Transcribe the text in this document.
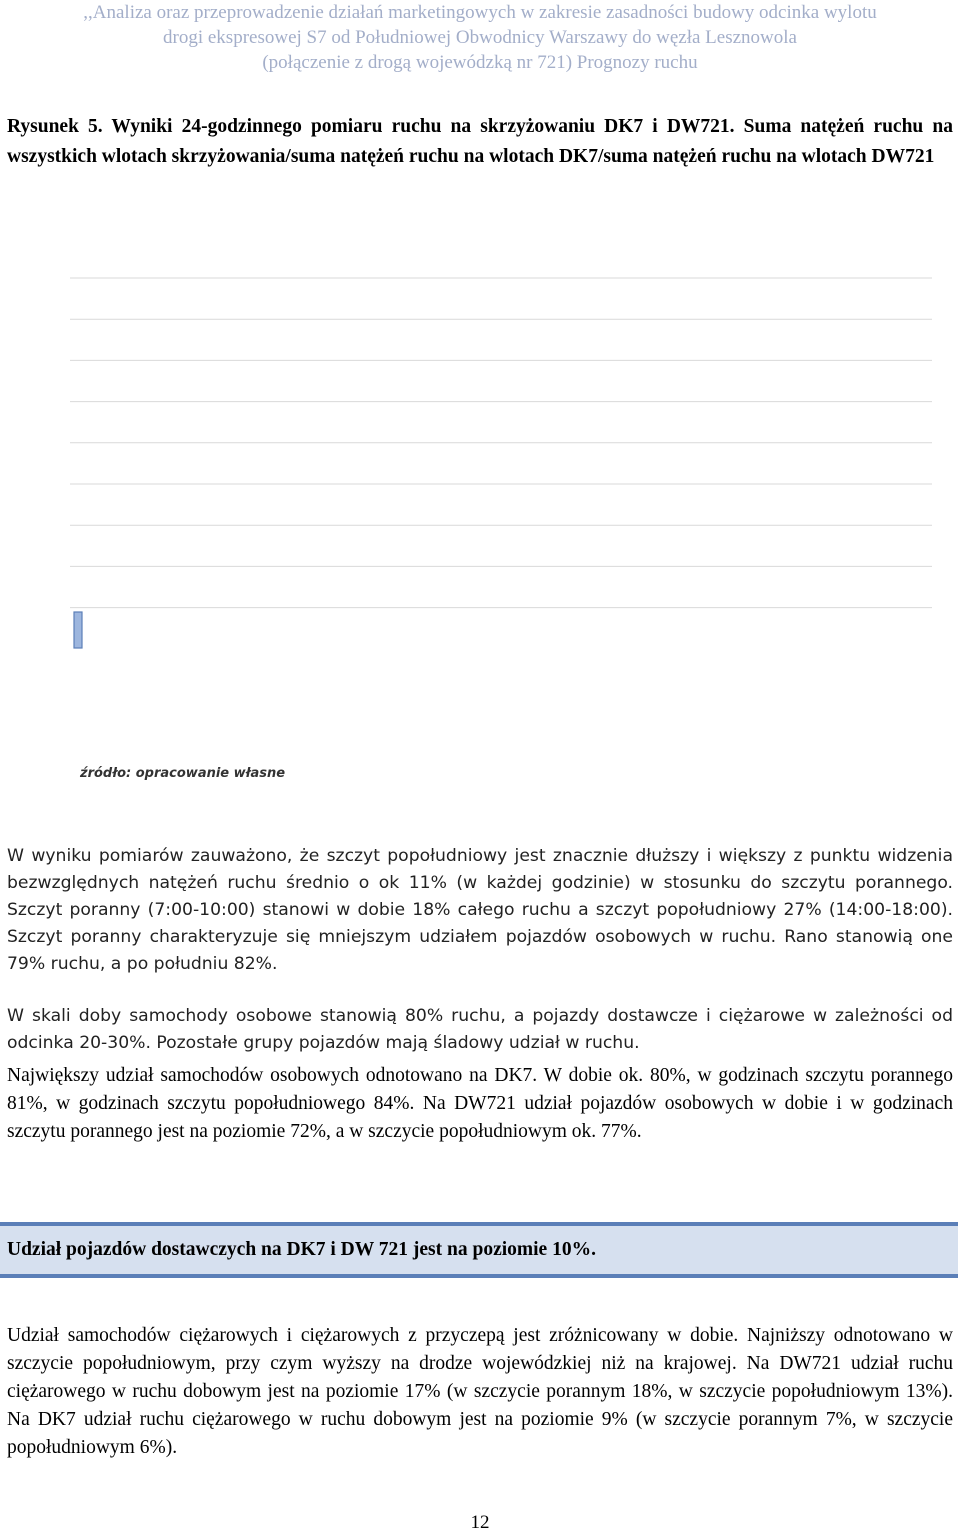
,,Analiza oraz przeprowadzenie działań marketingowych w zakresie zasadności budowy odcinka wylotu
drogi ekspresowej S7 od Południowej Obwodnicy Warszawy do węzła Lesznowola
(połączenie z drogą wojewódzką nr 721) Prognozy ruchu
Rysunek 5. Wyniki 24-godzinnego pomiaru ruchu na skrzyżowaniu DK7 i DW721. Suma natężeń ruchu na wszystkich wlotach skrzyżowania/suma natężeń ruchu na wlotach DK7/suma natężeń ruchu na wlotach DW721
źródło: opracowanie własne
W wyniku pomiarów zauważono, że szczyt popołudniowy jest znacznie dłuższy i większy z punktu widzenia bezwzględnych natężeń ruchu średnio o ok 11% (w każdej godzinie) w stosunku do szczytu porannego. Szczyt poranny (7:00-10:00) stanowi w dobie 18% całego ruchu a szczyt popołudniowy 27% (14:00-18:00). Szczyt poranny charakteryzuje się mniejszym udziałem pojazdów osobowych w ruchu. Rano stanowią one 79% ruchu, a po południu 82%.
W skali doby samochody osobowe stanowią 80% ruchu, a pojazdy dostawcze i ciężarowe w zależności od odcinka 20-30%. Pozostałe grupy pojazdów mają śladowy udział w ruchu.
Największy udział samochodów osobowych odnotowano na DK7. W dobie ok. 80%, w godzinach szczytu porannego 81%, w godzinach szczytu popołudniowego 84%. Na DW721 udział pojazdów osobowych w dobie i w godzinach szczytu porannego jest na poziomie 72%, a w szczycie popołudniowym ok. 77%.
Udział pojazdów dostawczych na DK7 i DW 721 jest na poziomie 10%.
Udział samochodów ciężarowych i ciężarowych z przyczepą jest zróżnicowany w dobie. Najniższy odnotowano w szczycie popołudniowym, przy czym wyższy na drodze wojewódzkiej niż na krajowej. Na DW721 udział ruchu ciężarowego w ruchu dobowym jest na poziomie 17% (w szczycie porannym 18%, w szczycie popołudniowym 13%). Na DK7 udział ruchu ciężarowego w ruchu dobowym jest na poziomie 9% (w szczycie porannym 7%, w szczycie popołudniowym 6%).
12
